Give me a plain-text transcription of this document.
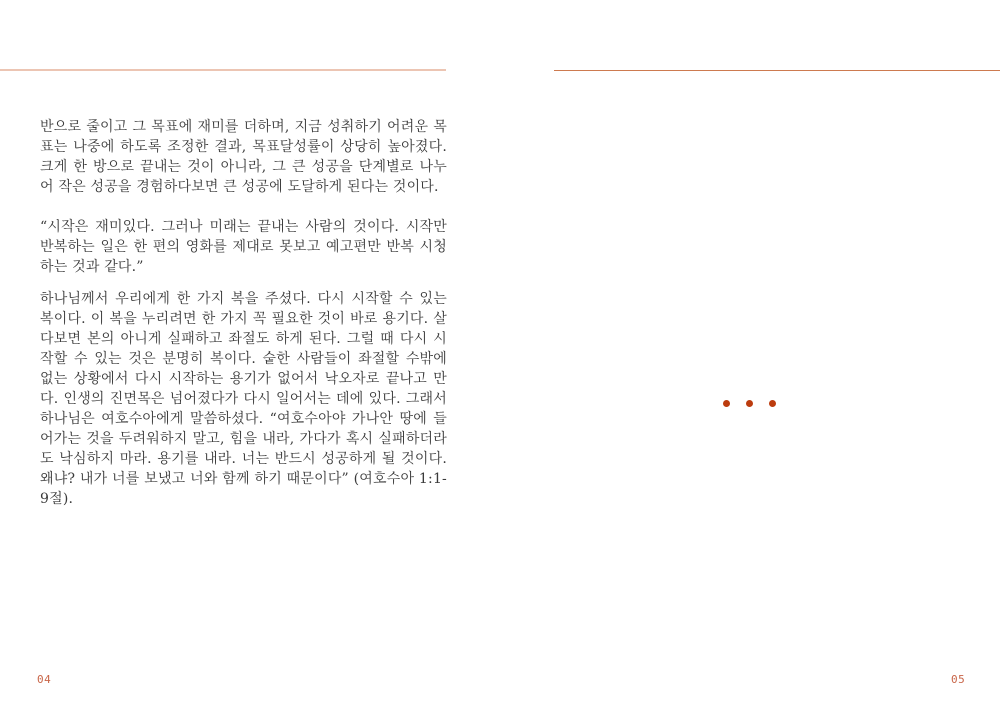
반으로 줄이고 그 목표에 재미를 더하며, 지금 성취하기 어려운 목표는 나중에 하도록 조정한 결과, 목표달성률이 상당히 높아졌다. 크게 한 방으로 끝내는 것이 아니라, 그 큰 성공을 단계별로 나누어 작은 성공을 경험하다보면 큰 성공에 도달하게 된다는 것이다.

“시작은 재미있다. 그러나 미래는 끝내는 사람의 것이다. 시작만 반복하는 일은 한 편의 영화를 제대로 못보고 예고편만 반복 시청하는 것과 같다.”

하나님께서 우리에게 한 가지 복을 주셨다. 다시 시작할 수 있는 복이다. 이 복을 누리려면 한 가지 꼭 필요한 것이 바로 용기다. 살다보면 본의 아니게 실패하고 좌절도 하게 된다. 그럴 때 다시 시작할 수 있는 것은 분명히 복이다. 숱한 사람들이 좌절할 수밖에 없는 상황에서 다시 시작하는 용기가 없어서 낙오자로 끝나고 만다. 인생의 진면목은 넘어졌다가 다시 일어서는 데에 있다. 그래서 하나님은 여호수아에게 말씀하셨다. “여호수아야 가나안 땅에 들어가는 것을 두려워하지 말고, 힘을 내라, 가다가 혹시 실패하더라도 낙심하지 마라. 용기를 내라. 너는 반드시 성공하게 될 것이다. 왜냐? 내가 너를 보냈고 너와 함께 하기 때문이다” (여호수아 1:1-9절).

04	05
